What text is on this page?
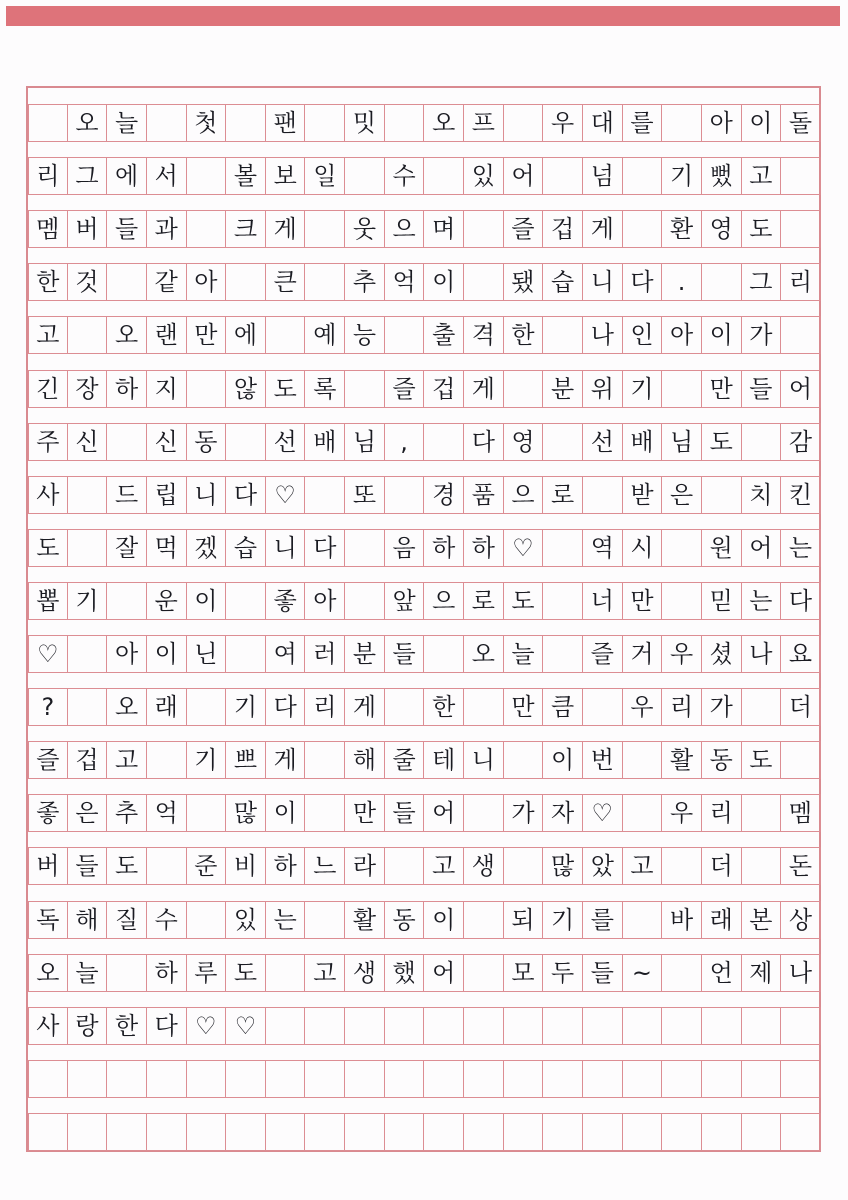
오 늘	첫	팬	밋	오 프	우 대 를	아 이 돌
리 그 에 서	볼 보 일	수	있 어	넘	기 뻤 고
멤 버 들 과	크 게	웃 으 며	즐 겁 게	환 영 도
한 것	같 아	큰	추 억 이	됐 습 니 다	.	그 리
고	오 랜 만 에	예 능	출 격 한	나 인 아 이 가
긴 장 하 지	않 도 록	즐 겁 게	분 위 기	만 들 어
주 신	신 동	선 배 님	,	다 영	선 배 님 도	감
사	드 립 니 다 ♡	또	경 품 으 로	받 은	치 킨
도	잘 먹 겠 습 니 다	음 하 하 ♡	역 시	원 어 는
뽑 기	운 이	좋 아	앞 으 로 도	너 만	믿 는 다
♡	아 이 닌	여 러 분 들	오 늘	즐 거 우 셨 나 요
?	오 래	기 다 리 게	한	만 큼	우 리 가	더
즐 겁 고	기 쁘 게	해 줄 테 니	이 번	활 동 도
좋 은 추 억	많 이	만 들 어	가 자 ♡	우 리	멤
버 들 도	준 비 하 느 라	고 생	많 았 고	더	돈
독 해 질 수	있 는	활 동 이	되 기 를	바 래 본 상
오 늘	하 루 도	고 생 했 어	모 두 들 ~	언 제 나
사 랑 한 다 ♡ ♡
